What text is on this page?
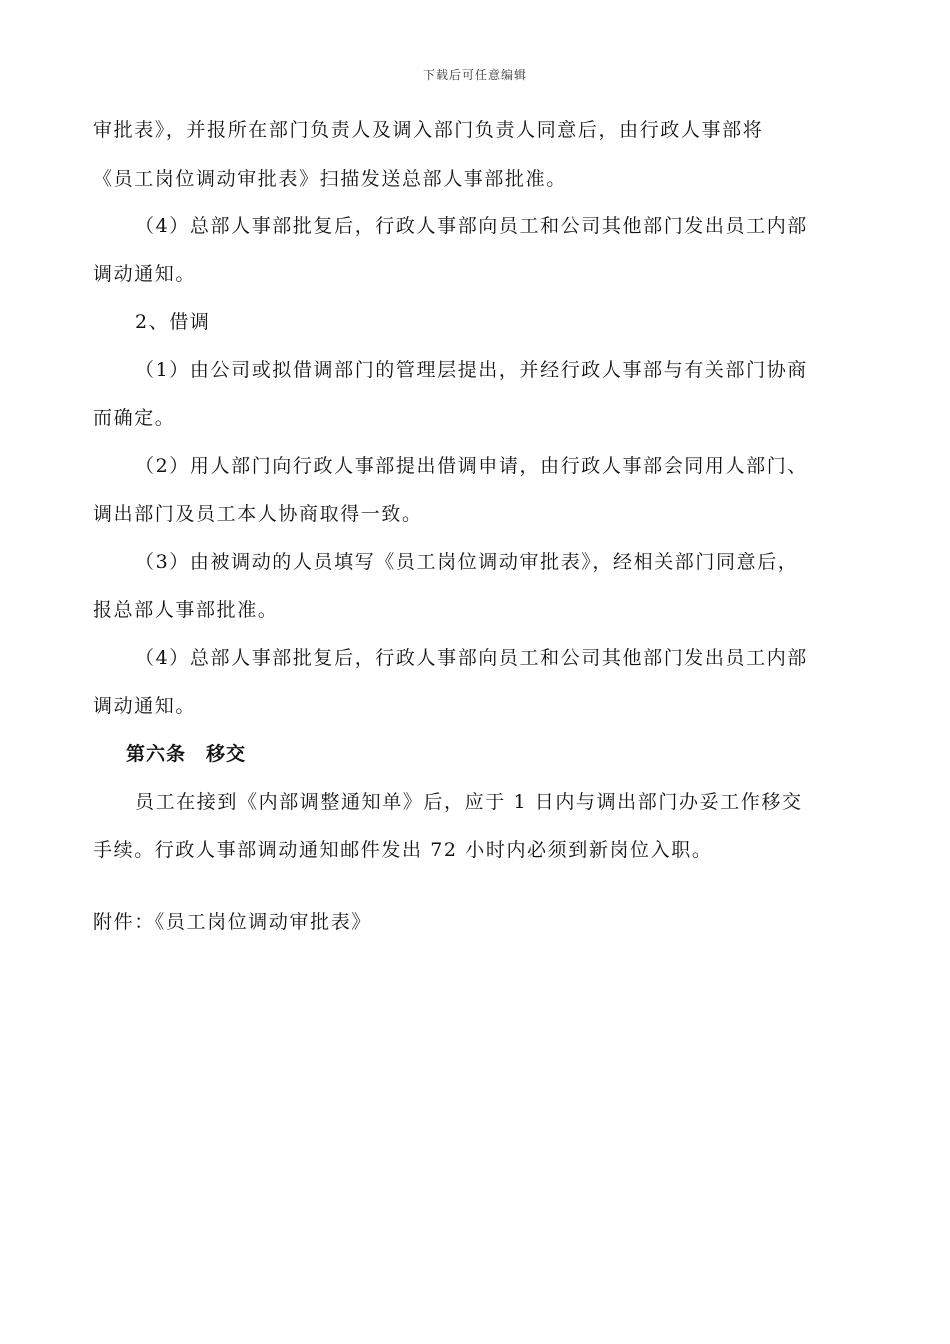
下载后可任意编辑
审批表》，并报所在部门负责人及调入部门负责人同意后，由行政人事部将
《员工岗位调动审批表》扫描发送总部人事部批准。
（4）总部人事部批复后，行政人事部向员工和公司其他部门发出员工内部
调动通知。
2、借调
（1）由公司或拟借调部门的管理层提出，并经行政人事部与有关部门协商
而确定。
（2）用人部门向行政人事部提出借调申请，由行政人事部会同用人部门、
调出部门及员工本人协商取得一致。
（3）由被调动的人员填写《员工岗位调动审批表》，经相关部门同意后，
报总部人事部批准。
（4）总部人事部批复后，行政人事部向员工和公司其他部门发出员工内部
调动通知。
第六条　移交
员工在接到《内部调整通知单》后，应于 1 日内与调出部门办妥工作移交
手续。行政人事部调动通知邮件发出 72 小时内必须到新岗位入职。
附件：《员工岗位调动审批表》
